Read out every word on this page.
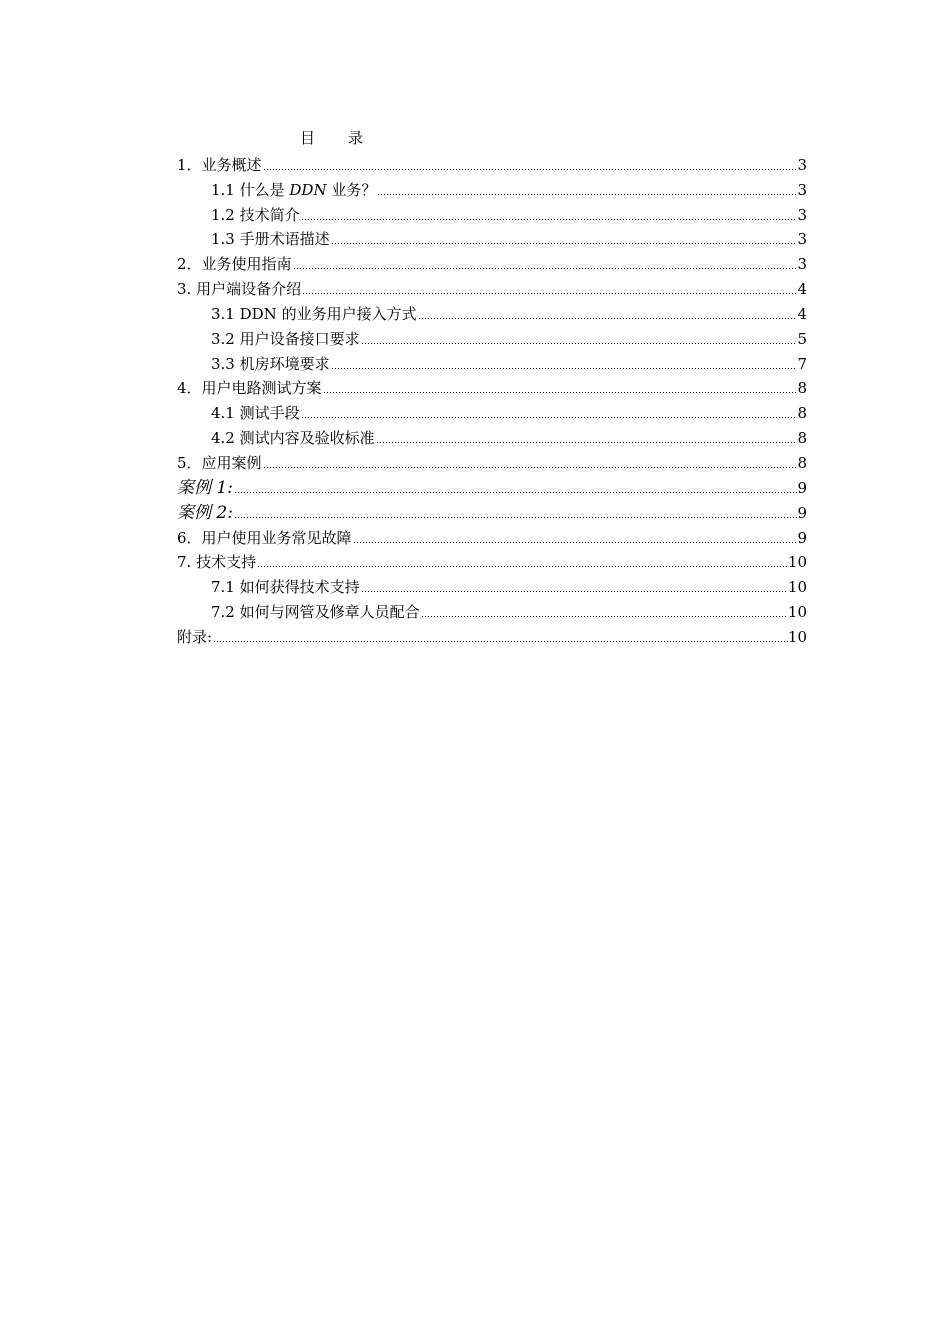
目 录
1．业务概述	3
1.1 什么是 DDN 业务？	3
1.2 技术简介	3
1.3 手册术语描述	3
2．业务使用指南	3
3. 用户端设备介绍	4
3.1 DDN 的业务用户接入方式	4
3.2 用户设备接口要求	5
3.3 机房环境要求	7
4．用户电路测试方案	8
4.1 测试手段	8
4.2 测试内容及验收标准	8
5．应用案例	8
案例 1:	9
案例 2:	9
6．用户使用业务常见故障	9
7. 技术支持	10
7.1 如何获得技术支持	10
7.2 如何与网管及修章人员配合	10
附录:	10
